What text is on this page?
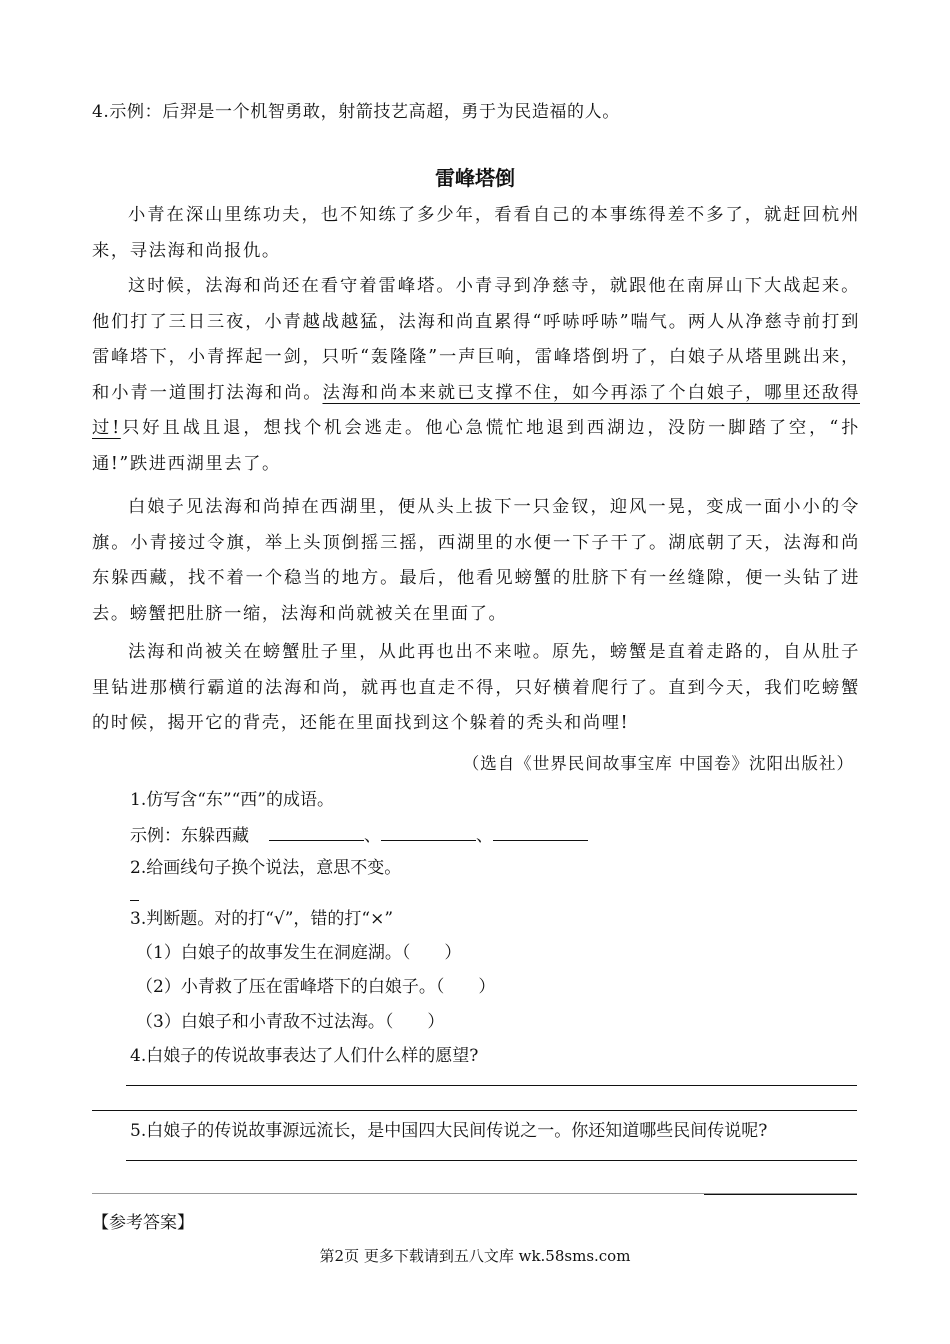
4.示例：后羿是一个机智勇敢，射箭技艺高超，勇于为民造福的人。
雷峰塔倒
小青在深山里练功夫，也不知练了多少年，看看自己的本事练得差不多了，就赶回杭州来，寻法海和尚报仇。
这时候，法海和尚还在看守着雷峰塔。小青寻到净慈寺，就跟他在南屏山下大战起来。他们打了三日三夜，小青越战越猛，法海和尚直累得“呼哧呼哧”喘气。两人从净慈寺前打到雷峰塔下，小青挥起一剑，只听“轰隆隆”一声巨响，雷峰塔倒坍了，白娘子从塔里跳出来，和小青一道围打法海和尚。法海和尚本来就已支撑不住，如今再添了个白娘子，哪里还敌得过!只好且战且退，想找个机会逃走。他心急慌忙地退到西湖边，没防一脚踏了空，“扑通!”跌进西湖里去了。
白娘子见法海和尚掉在西湖里，便从头上拔下一只金钗，迎风一晃，变成一面小小的令旗。小青接过令旗，举上头顶倒摇三摇，西湖里的水便一下子干了。湖底朝了天，法海和尚东躲西藏，找不着一个稳当的地方。最后，他看见螃蟹的肚脐下有一丝缝隙，便一头钻了进去。螃蟹把肚脐一缩，法海和尚就被关在里面了。
法海和尚被关在螃蟹肚子里，从此再也出不来啦。原先，螃蟹是直着走路的，自从肚子里钻进那横行霸道的法海和尚，就再也直走不得，只好横着爬行了。直到今天，我们吃螃蟹的时候，揭开它的背壳，还能在里面找到这个躲着的秃头和尚哩!
（选自《世界民间故事宝库 中国卷》沈阳出版社）
1.仿写含“东”“西”的成语。
示例：东躲西藏	、	、
2.给画线句子换个说法，意思不变。
3.判断题。对的打“√”，错的打“×”
（1）白娘子的故事发生在洞庭湖。（　　）
（2）小青救了压在雷峰塔下的白娘子。（　　）
（3）白娘子和小青敌不过法海。（　　）
4.白娘子的传说故事表达了人们什么样的愿望?
5.白娘子的传说故事源远流长，是中国四大民间传说之一。你还知道哪些民间传说呢?
【参考答案】
第2页 更多下载请到五八文库 wk.58sms.com
